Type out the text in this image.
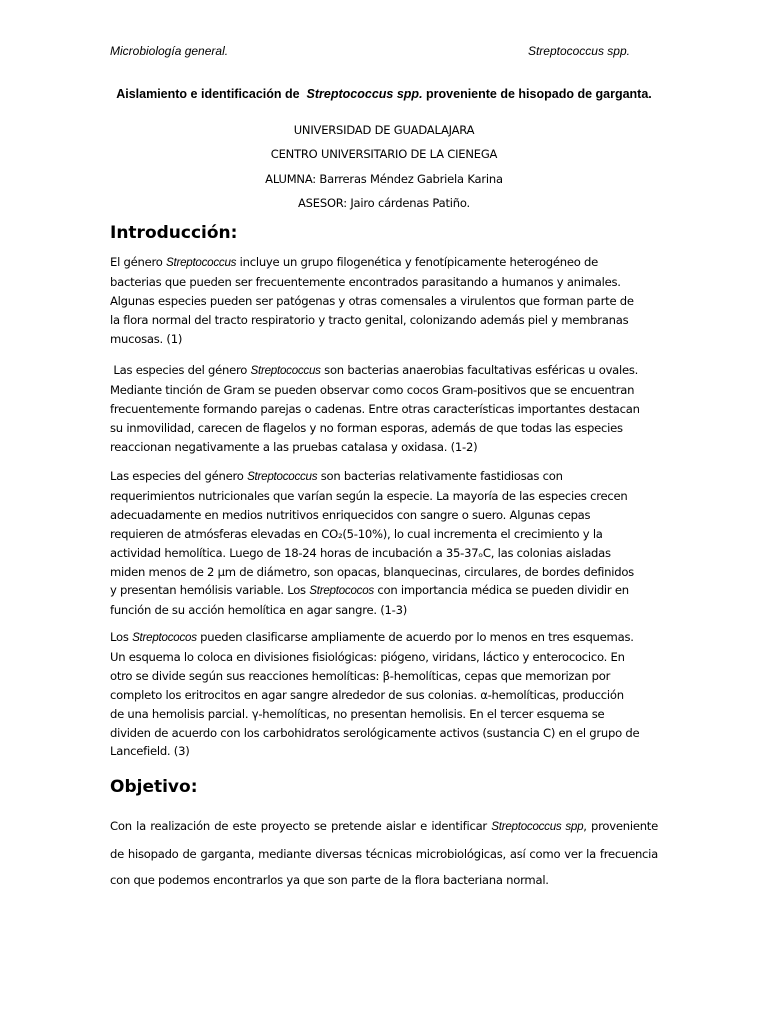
Microbiología general.	Streptococcus spp.
Aislamiento e identificación de Streptococcus spp. proveniente de hisopado de garganta.
UNIVERSIDAD DE GUADALAJARA
CENTRO UNIVERSITARIO DE LA CIENEGA
ALUMNA: Barreras Méndez Gabriela Karina
ASESOR: Jairo cárdenas Patiño.
Introducción:
El género Streptococcus incluye un grupo filogenética y fenotípicamente heterogéneo de
bacterias que pueden ser frecuentemente encontrados parasitando a humanos y animales.
Algunas especies pueden ser patógenas y otras comensales a virulentos que forman parte de
la flora normal del tracto respiratorio y tracto genital, colonizando además piel y membranas
mucosas. (1)
Las especies del género Streptococcus son bacterias anaerobias facultativas esféricas u ovales.
Mediante tinción de Gram se pueden observar como cocos Gram-positivos que se encuentran
frecuentemente formando parejas o cadenas. Entre otras características importantes destacan
su inmovilidad, carecen de flagelos y no forman esporas, además de que todas las especies
reaccionan negativamente a las pruebas catalasa y oxidasa. (1-2)
Las especies del género Streptococcus son bacterias relativamente fastidiosas con
requerimientos nutricionales que varían según la especie. La mayoría de las especies crecen
adecuadamente en medios nutritivos enriquecidos con sangre o suero. Algunas cepas
requieren de atmósferas elevadas en CO₂(5-10%), lo cual incrementa el crecimiento y la
actividad hemolítica. Luego de 18-24 horas de incubación a 35-37ₒC, las colonias aisladas
miden menos de 2 μm de diámetro, son opacas, blanquecinas, circulares, de bordes definidos
y presentan hemólisis variable. Los Streptococos con importancia médica se pueden dividir en
función de su acción hemolítica en agar sangre. (1-3)
Los Streptococos pueden clasificarse ampliamente de acuerdo por lo menos en tres esquemas.
Un esquema lo coloca en divisiones fisiológicas: piógeno, viridans, láctico y enterococico. En
otro se divide según sus reacciones hemolíticas: β-hemolíticas, cepas que memorizan por
completo los eritrocitos en agar sangre alrededor de sus colonias. α-hemolíticas, producción
de una hemolisis parcial. γ-hemolíticas, no presentan hemolisis. En el tercer esquema se
dividen de acuerdo con los carbohidratos serológicamente activos (sustancia C) en el grupo de
Lancefield. (3)
Objetivo:
Con la realización de este proyecto se pretende aislar e identificar Streptococcus spp, proveniente de hisopado de garganta, mediante diversas técnicas microbiológicas, así como ver la frecuencia con que podemos encontrarlos ya que son parte de la flora bacteriana normal.
